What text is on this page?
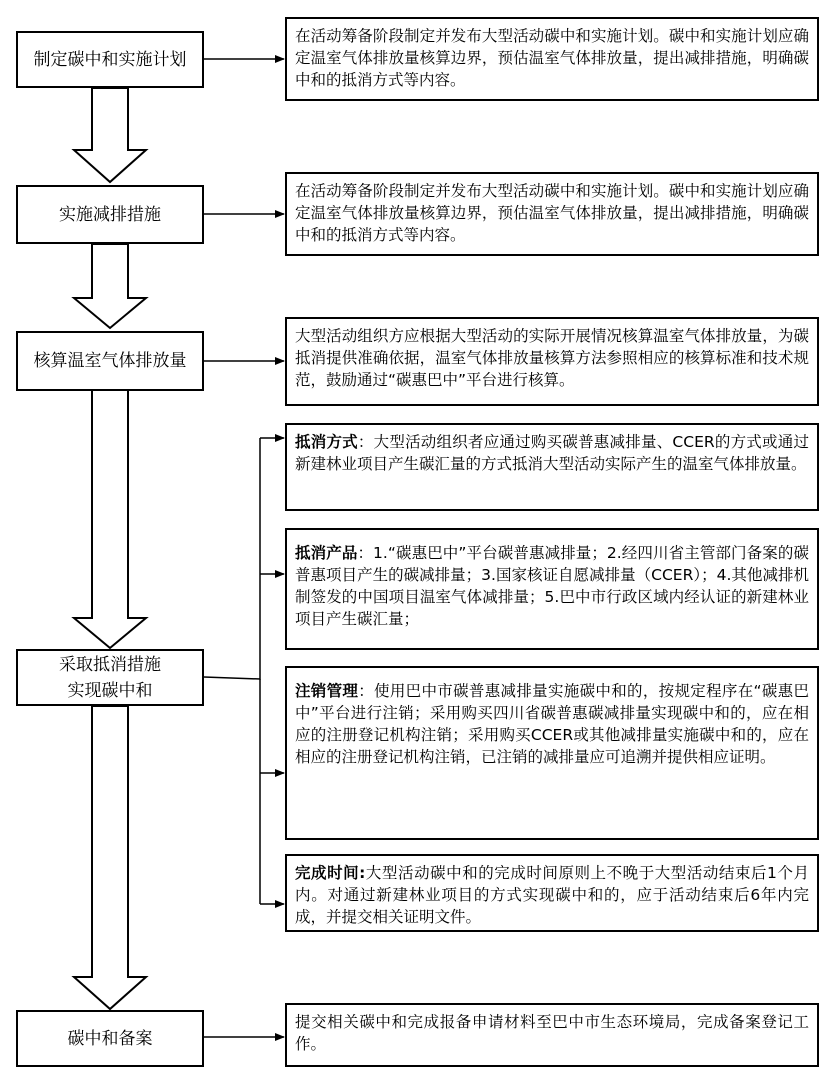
制定碳中和实施计划
实施减排措施
核算温室气体排放量
采取抵消措施
实现碳中和
碳中和备案
在活动筹备阶段制定并发布大型活动碳中和实施计划。碳中和实施计划应确定温室气体排放量核算边界，预估温室气体排放量，提出减排措施，明确碳中和的抵消方式等内容。
在活动筹备阶段制定并发布大型活动碳中和实施计划。碳中和实施计划应确定温室气体排放量核算边界，预估温室气体排放量，提出减排措施，明确碳中和的抵消方式等内容。
大型活动组织方应根据大型活动的实际开展情况核算温室气体排放量，为碳抵消提供准确依据，温室气体排放量核算方法参照相应的核算标准和技术规范，鼓励通过“碳惠巴中”平台进行核算。
抵消方式：大型活动组织者应通过购买碳普惠减排量、CCER的方式或通过新建林业项目产生碳汇量的方式抵消大型活动实际产生的温室气体排放量。
抵消产品：1.“碳惠巴中”平台碳普惠减排量；2.经四川省主管部门备案的碳普惠项目产生的碳减排量；3.国家核证自愿减排量（CCER）；4.其他减排机制签发的中国项目温室气体减排量；5.巴中市行政区域内经认证的新建林业项目产生碳汇量；
注销管理：使用巴中市碳普惠减排量实施碳中和的，按规定程序在“碳惠巴中”平台进行注销；采用购买四川省碳普惠碳减排量实现碳中和的，应在相应的注册登记机构注销；采用购买CCER或其他减排量实施碳中和的，应在相应的注册登记机构注销，已注销的减排量应可追溯并提供相应证明。
完成时间:大型活动碳中和的完成时间原则上不晚于大型活动结束后1个月内。对通过新建林业项目的方式实现碳中和的，应于活动结束后6年内完成，并提交相关证明文件。
提交相关碳中和完成报备申请材料至巴中市生态环境局，完成备案登记工作。
